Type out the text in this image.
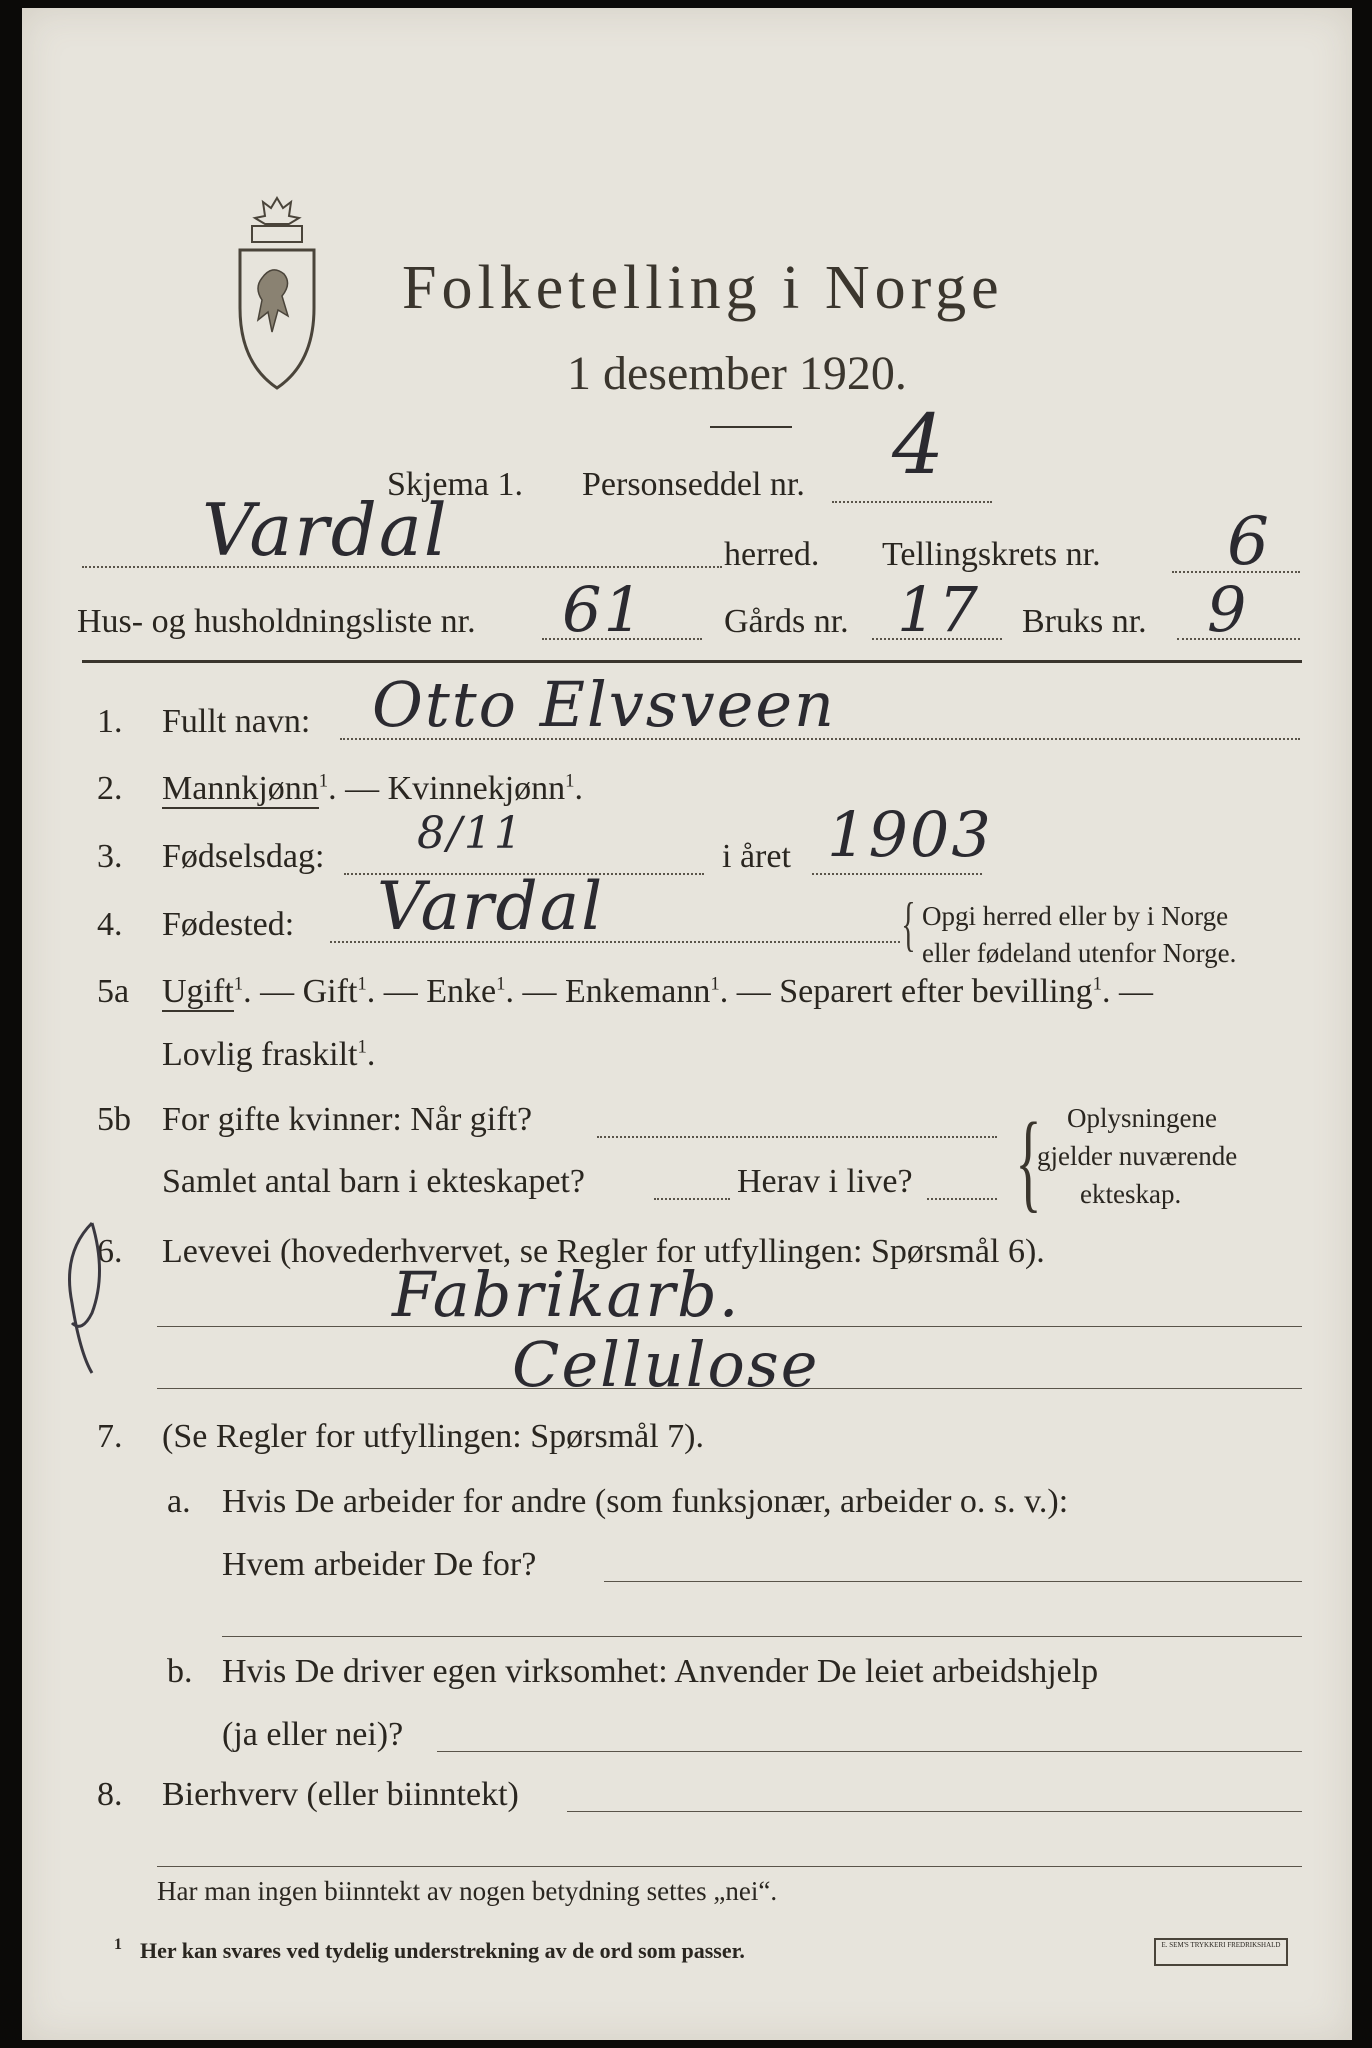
Folketelling i Norge
1 desember 1920.
Skjema 1. Personseddel nr. 4
Vardal	herred. Tellingskrets nr. 6
Hus- og husholdningsliste nr. 61 Gårds nr. 17 Bruks nr. 9
1. Fullt navn: Otto Elvsveen
2. Mannkjønn$^1$. — Kvinnekjønn$^1$.
3. Fødselsdag: 8/11	i året 1903
4. Fødested: Vardal	{ Opgi herred eller by i Norge
eller fødeland utenfor Norge.
5a Ugift$^1$. — Gift$^1$. — Enke$^1$. — Enkemann$^1$. — Separert efter bevilling$^1$. —
Lovlig fraskilt$^1$.
5b For gifte kvinner: Når gift?
Samlet antal barn i ekteskapet?	Herav i live? { Oplysningene
gjelder nuværende
ekteskap.
6. Levevei (hovederhvervet, se Regler for utfyllingen: Spørsmål 6).
Fabrikarb.
Cellulose
7. (Se Regler for utfyllingen: Spørsmål 7).
a. Hvis De arbeider for andre (som funksjonær, arbeider o. s. v.):
Hvem arbeider De for?
b. Hvis De driver egen virksomhet: Anvender De leiet arbeidshjelp
(ja eller nei)?
8. Bierhverv (eller biinntekt)
Har man ingen biinntekt av nogen betydning settes „nei“.
1 Her kan svares ved tydelig understrekning av de ord som passer.	E. SEM'S TRYKKERI FREDRIKSHALD
